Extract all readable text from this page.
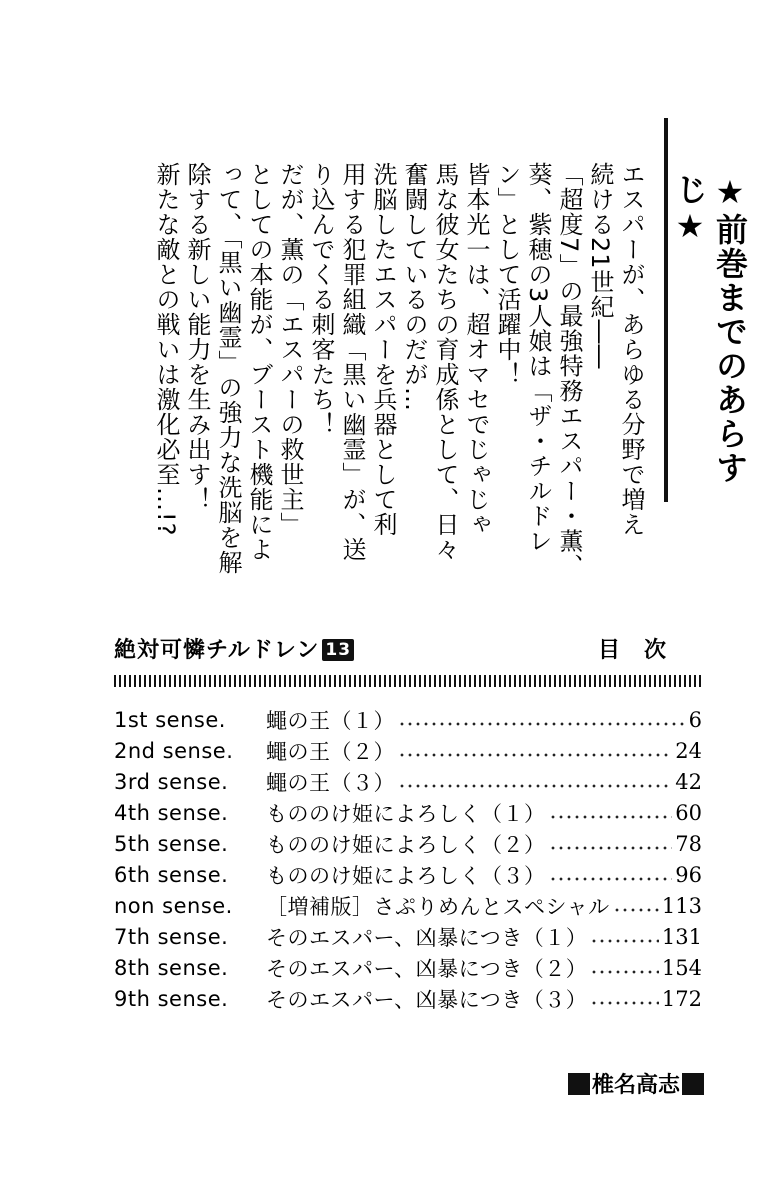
★前巻までのあらすじ★
エスパーが、あらゆる分野で増え
続ける21世紀――
「超度7」の最強特務エスパー・薫、
葵、紫穂の3人娘は「ザ・チルドレ
ン」として活躍中！
皆本光一は、超オマセでじゃじゃ
馬な彼女たちの育成係として、日々
奮闘しているのだが…
洗脳したエスパーを兵器として利
用する犯罪組織「黒い幽霊」が、送
り込んでくる刺客たち！
だが、薫の「エスパーの救世主」
としての本能が、ブースト機能によ
って、「黒い幽霊」の強力な洗脳を解
除する新しい能力を生み出す！
新たな敵との戦いは激化必至…!?
絶対可憐チルドレン 13	目次
1st sense.	蠅の王（１）	6
2nd sense.	蠅の王（２）	24
3rd sense.	蠅の王（３）	42
4th sense.	もののけ姫によろしく（１）	60
5th sense.	もののけ姫によろしく（２）	78
6th sense.	もののけ姫によろしく（３）	96
non sense.	［増補版］さぷりめんとスペシャル 113
7th sense.	そのエスパー、凶暴につき（１）	131
8th sense.	そのエスパー、凶暴につき（２）	154
9th sense.	そのエスパー、凶暴につき（３）	172
椎名高志
